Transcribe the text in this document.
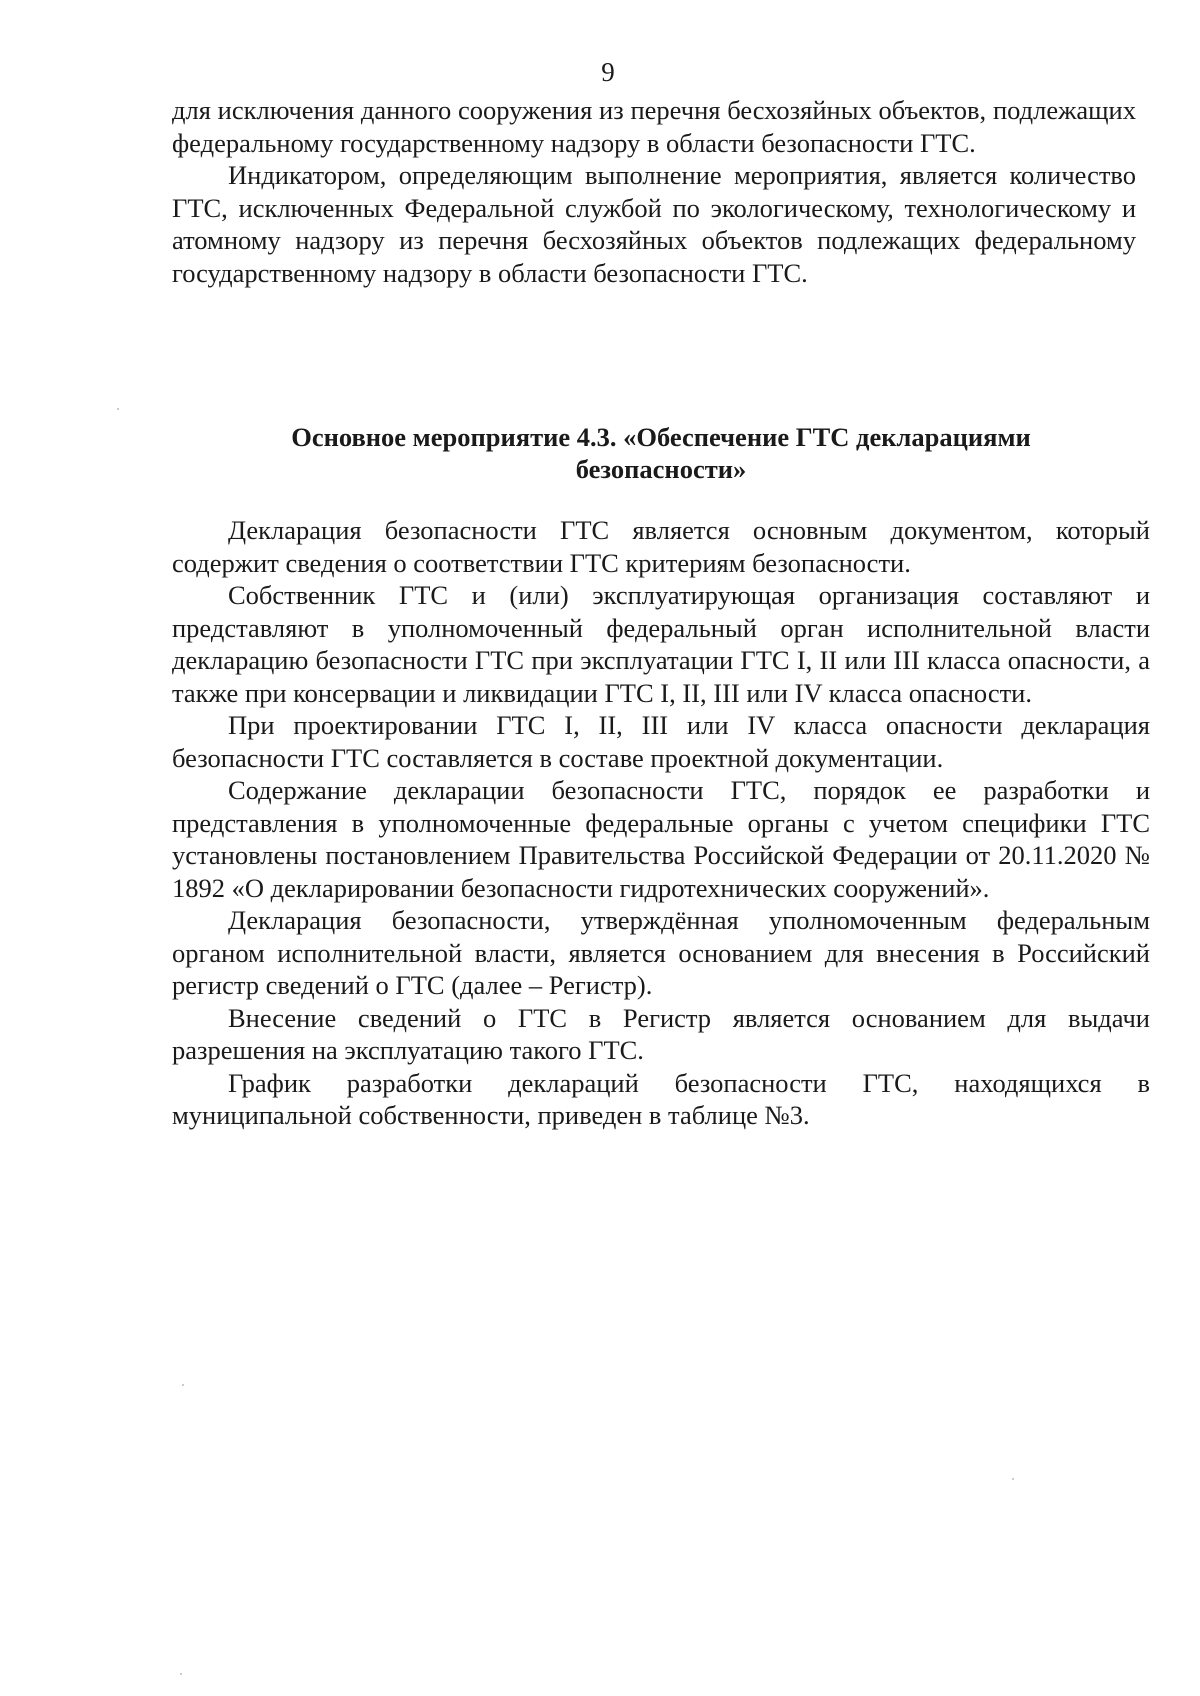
9

для исключения данного сооружения из перечня бесхозяйных объектов, подлежащих федеральному государственному надзору в области безопасности ГТС.

Индикатором, определяющим выполнение мероприятия, является количество ГТС, исключенных Федеральной службой по экологическому, технологическому и атомному надзору из перечня бесхозяйных объектов подлежащих федеральному государственному надзору в области безопасности ГТС.

Основное мероприятие 4.3. «Обеспечение ГТС декларациями
безопасности»

Декларация безопасности ГТС является основным документом, который содержит сведения о соответствии ГТС критериям безопасности.

Собственник ГТС и (или) эксплуатирующая организация составляют и представляют в уполномоченный федеральный орган исполнительной власти декларацию безопасности ГТС при эксплуатации ГТС I, II или III класса опасности, а также при консервации и ликвидации ГТС I, II, III или IV класса опасности.

При проектировании ГТС I, II, III или IV класса опасности декларация безопасности ГТС составляется в составе проектной документации.

Содержание декларации безопасности ГТС, порядок ее разработки и представления в уполномоченные федеральные органы с учетом специфики ГТС установлены постановлением Правительства Российской Федерации от 20.11.2020 № 1892 «О декларировании безопасности гидротехнических сооружений».

Декларация безопасности, утверждённая уполномоченным федеральным органом исполнительной власти, является основанием для внесения в Российский регистр сведений о ГТС (далее – Регистр).

Внесение сведений о ГТС в Регистр является основанием для выдачи разрешения на эксплуатацию такого ГТС.

График разработки деклараций безопасности ГТС, находящихся в муниципальной собственности, приведен в таблице №3.
